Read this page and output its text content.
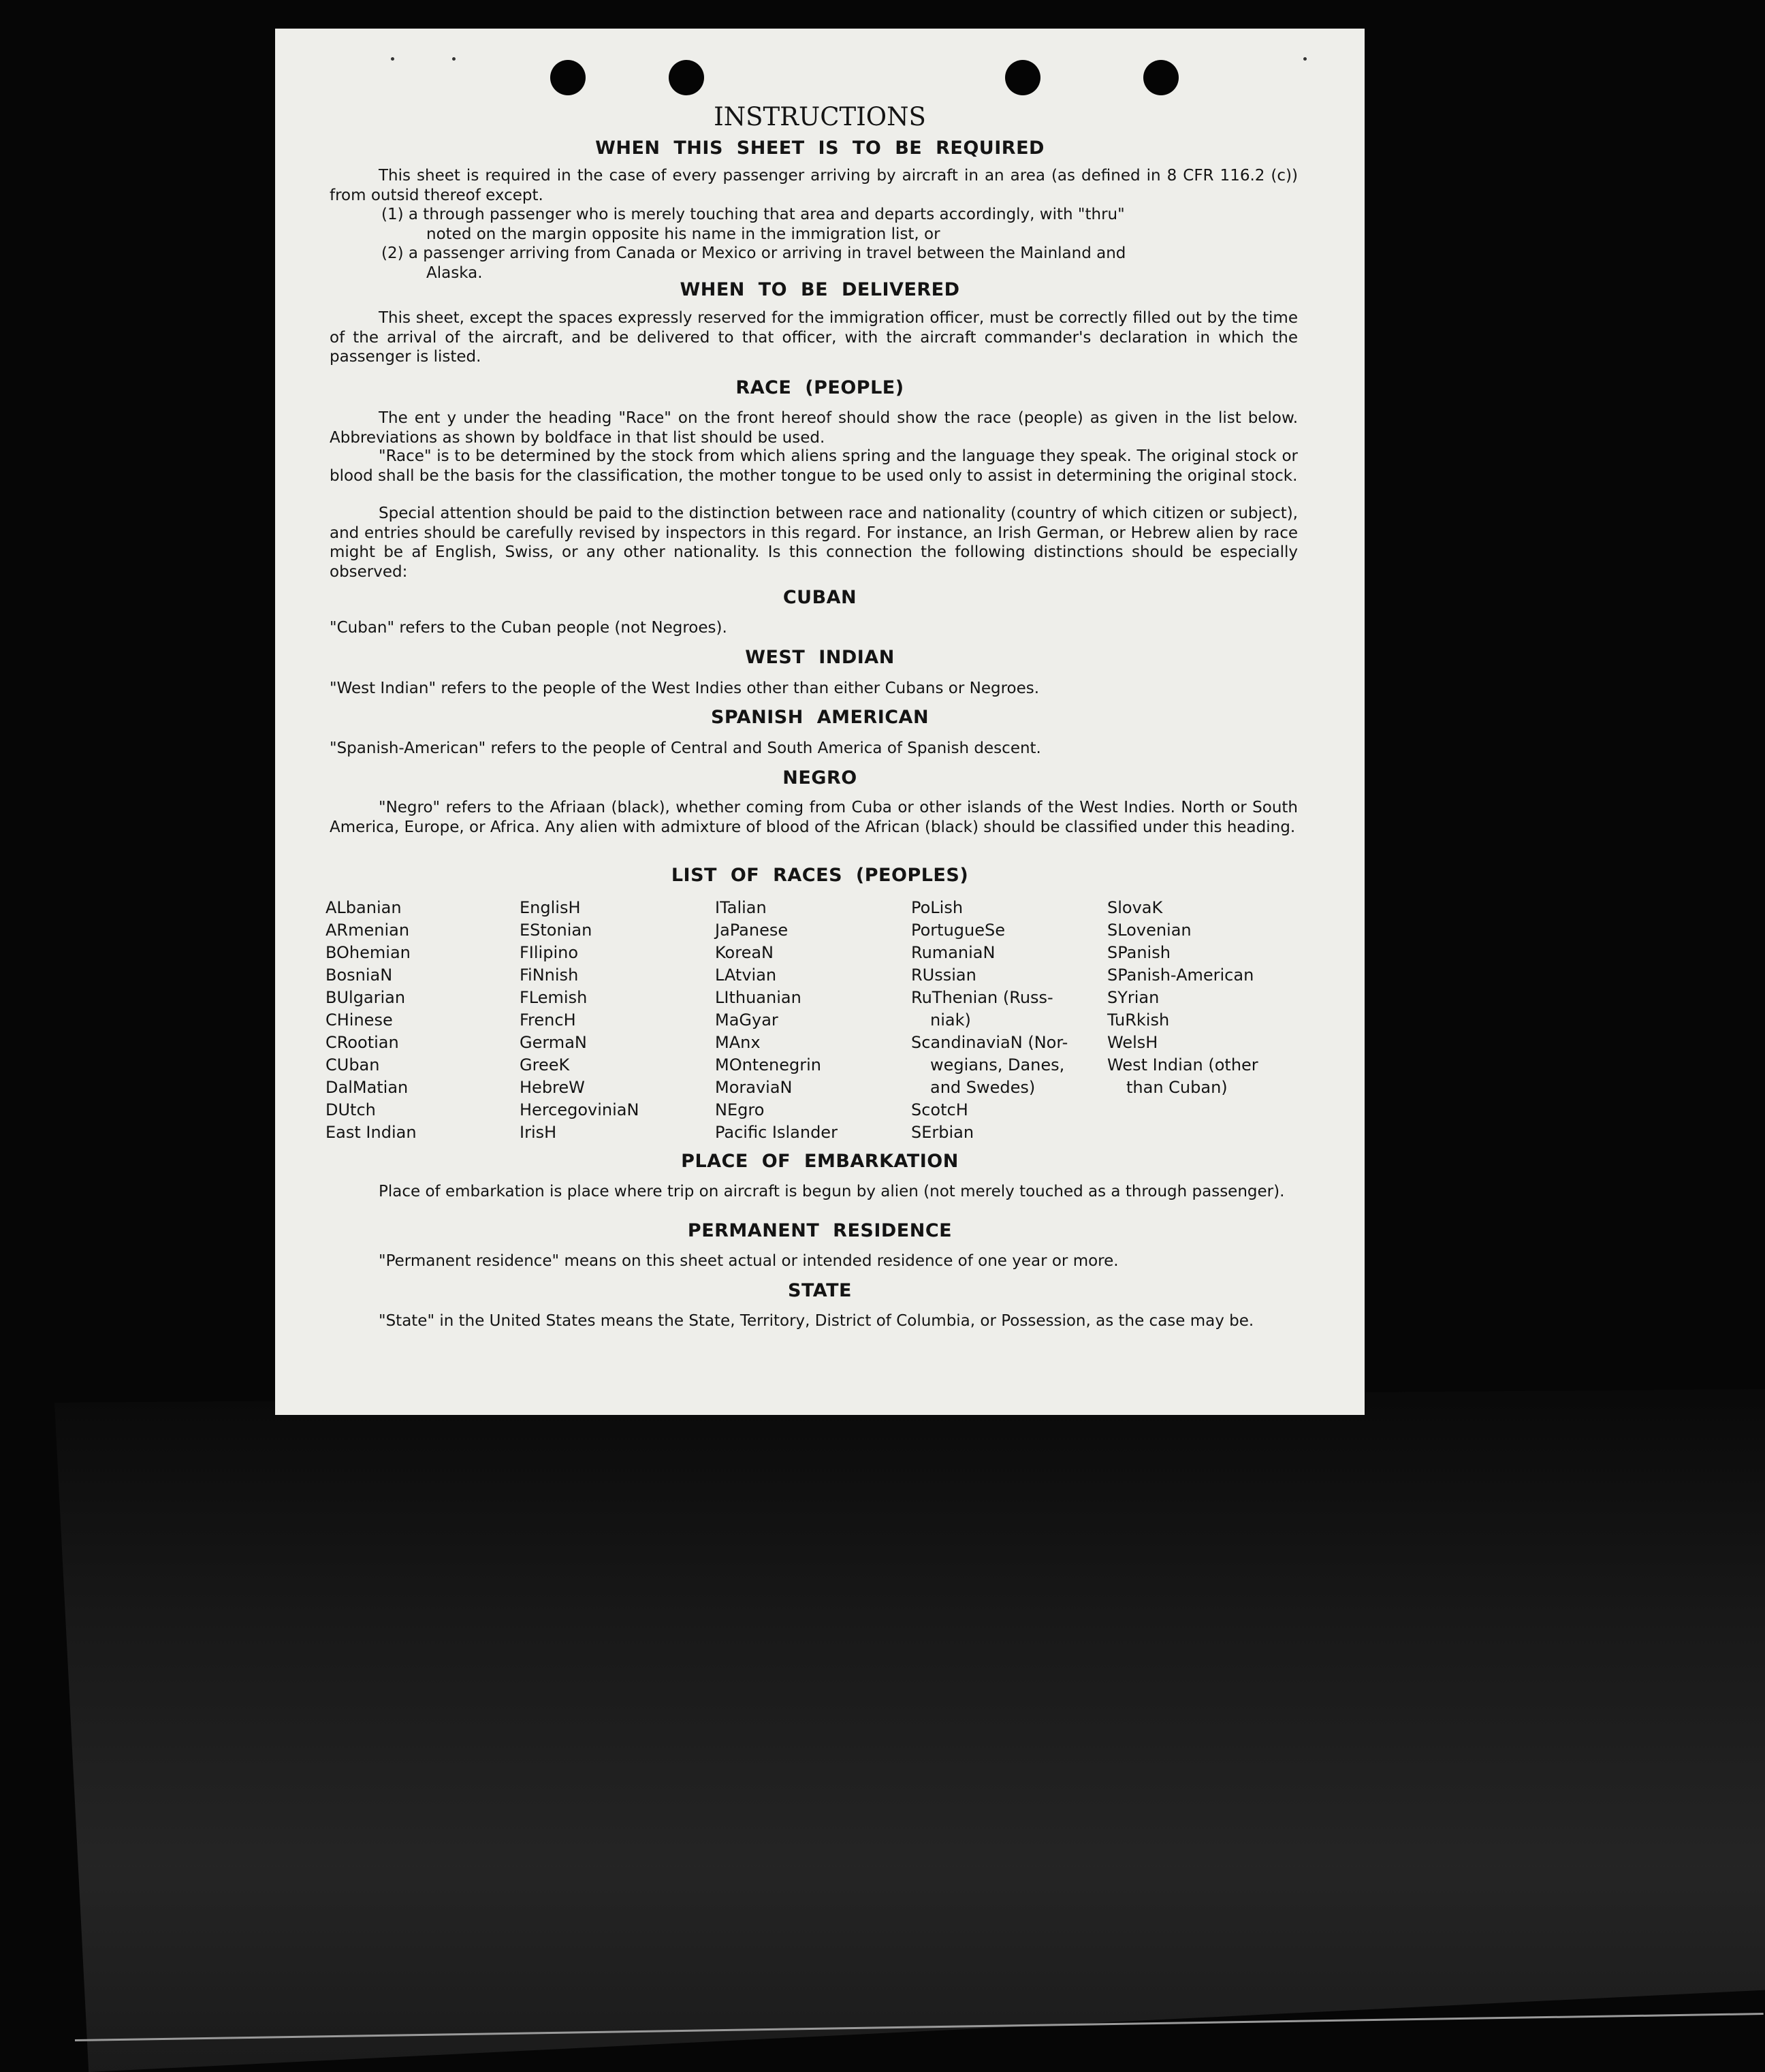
INSTRUCTIONS
WHEN THIS SHEET IS TO BE REQUIRED

This sheet is required in the case of every passenger arriving by aircraft in an area (as defined in 8 CFR 116.2 (c)) from outsid thereof except.

(1) a through passenger who is merely touching that area and departs accordingly, with "thru"
noted on the margin opposite his name in the immigration list, or
(2) a passenger arriving from Canada or Mexico or arriving in travel between the Mainland and
Alaska.
WHEN TO BE DELIVERED

This sheet, except the spaces expressly reserved for the immigration officer, must be correctly filled out by the time of the arrival of the aircraft, and be delivered to that officer, with the aircraft commander's declaration in which the passenger is listed.

RACE (PEOPLE)

The ent y under the heading "Race" on the front hereof should show the race (people) as given in the list below. Abbreviations as shown by boldface in that list should be used.

"Race" is to be determined by the stock from which aliens spring and the language they speak. The original stock or blood shall be the basis for the classification, the mother tongue to be used only to assist in determining the original stock.

Special attention should be paid to the distinction between race and nationality (country of which citizen or subject), and entries should be carefully revised by inspectors in this regard. For instance, an Irish German, or Hebrew alien by race might be af English, Swiss, or any other nationality. Is this connection the following distinctions should be especially observed:

CUBAN

"Cuban" refers to the Cuban people (not Negroes).

WEST INDIAN

"West Indian" refers to the people of the West Indies other than either Cubans or Negroes.

SPANISH AMERICAN

"Spanish-American" refers to the people of Central and South America of Spanish descent.

NEGRO

"Negro" refers to the Afriaan (black), whether coming from Cuba or other islands of the West Indies. North or South America, Europe, or Africa. Any alien with admixture of blood of the African (black) should be classified under this heading.

LIST OF RACES (PEOPLES)
ALbanian
ARmenian
BOhemian
BosniaN
BUlgarian
CHinese
CRootian
CUban
DalMatian
DUtch
East Indian
EnglisH
EStonian
FIlipino
FiNnish
FLemish
FrencH
GermaN
GreeK
HebreW
HercegoviniaN
IrisH
ITalian
JaPanese
KoreaN
LAtvian
LIthuanian
MaGyar
MAnx
MOntenegrin
MoraviaN
NEgro
Pacific Islander
PoLish
PortugueSe
RumaniaN
RUssian
RuThenian (Russ-
niak)
ScandinaviaN (Nor-
wegians, Danes,
and Swedes)
ScotcH
SErbian
SlovaK
SLovenian
SPanish
SPanish-American
SYrian
TuRkish
WelsH
West Indian (other
than Cuban)
PLACE OF EMBARKATION

Place of embarkation is place where trip on aircraft is begun by alien (not merely touched as a through passenger).

PERMANENT RESIDENCE

"Permanent residence" means on this sheet actual or intended residence of one year or more.

STATE

"State" in the United States means the State, Territory, District of Columbia, or Possession, as the case may be.
